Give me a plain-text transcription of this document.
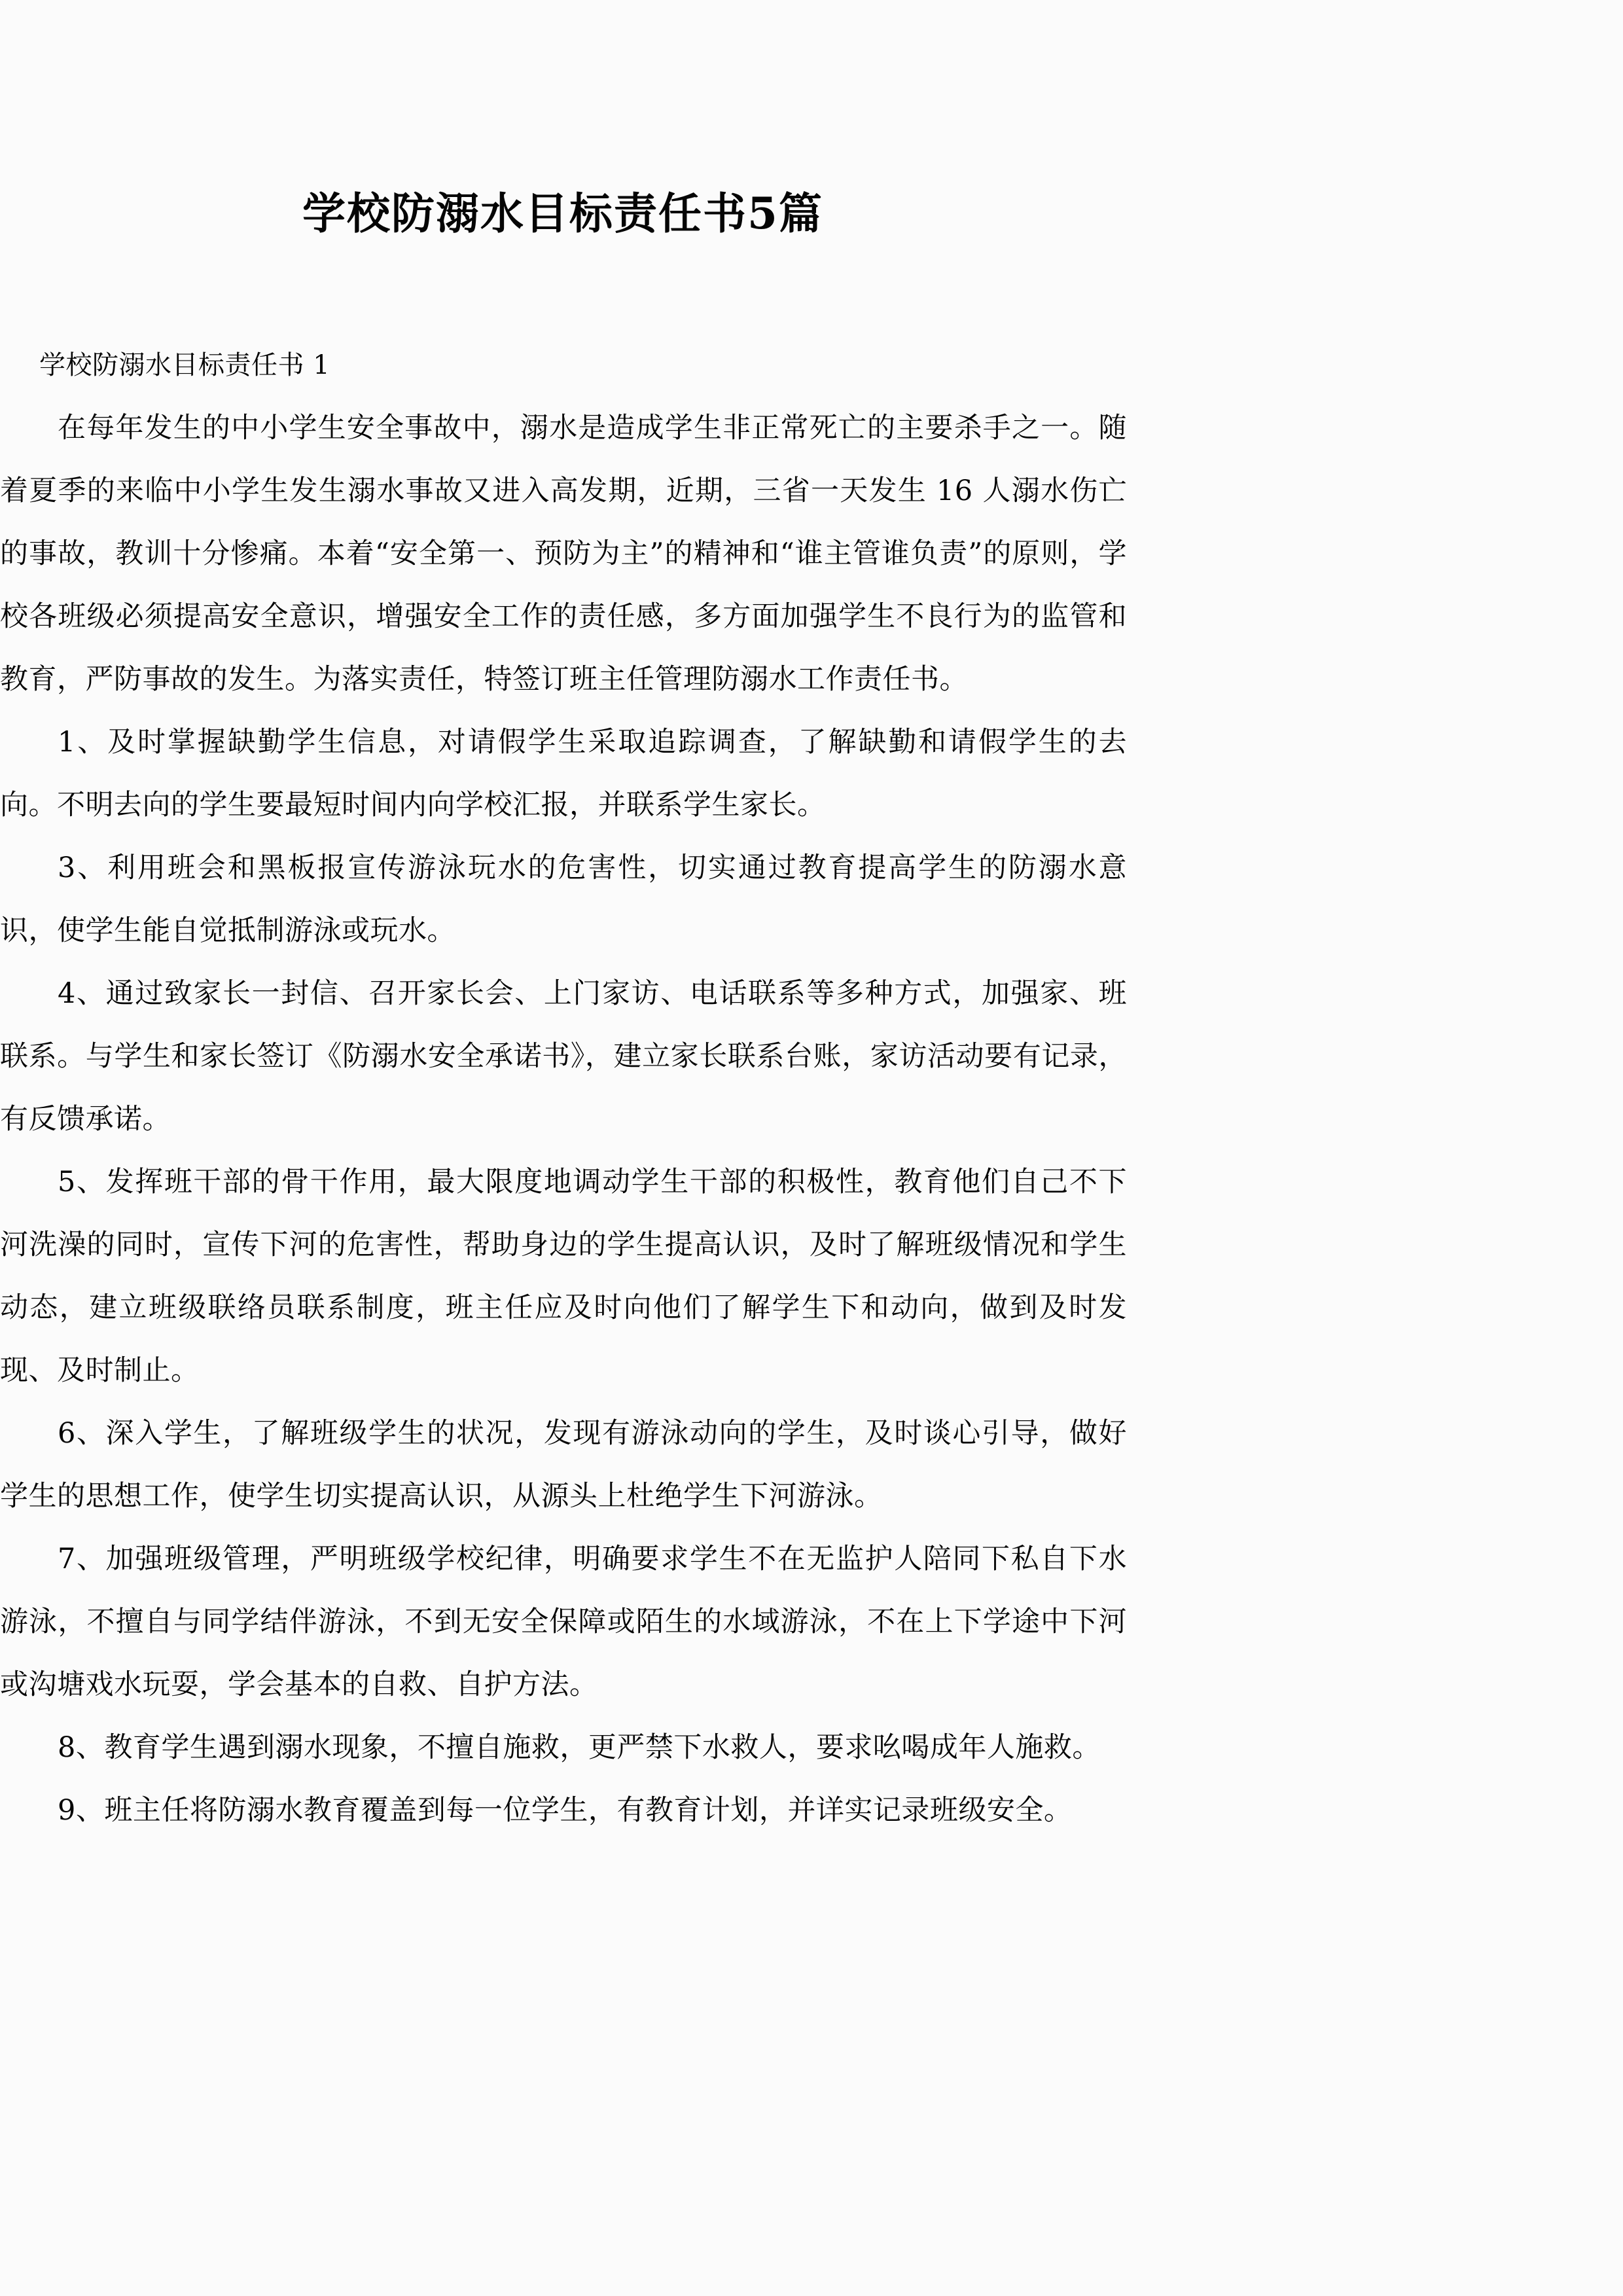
学校防溺水目标责任书5篇

学校防溺水目标责任书 1

在每年发生的中小学生安全事故中，溺水是造成学生非正常死亡的主要杀手之一。随着夏季的来临中小学生发生溺水事故又进入高发期，近期，三省一天发生 16 人溺水伤亡的事故，教训十分惨痛。本着“安全第一、预防为主”的精神和“谁主管谁负责”的原则，学校各班级必须提高安全意识，增强安全工作的责任感，多方面加强学生不良行为的监管和教育，严防事故的发生。为落实责任，特签订班主任管理防溺水工作责任书。

1、及时掌握缺勤学生信息，对请假学生采取追踪调查，了解缺勤和请假学生的去向。不明去向的学生要最短时间内向学校汇报，并联系学生家长。

3、利用班会和黑板报宣传游泳玩水的危害性，切实通过教育提高学生的防溺水意识，使学生能自觉抵制游泳或玩水。

4、通过致家长一封信、召开家长会、上门家访、电话联系等多种方式，加强家、班联系。与学生和家长签订《防溺水安全承诺书》，建立家长联系台账，家访活动要有记录，有反馈承诺。

5、发挥班干部的骨干作用，最大限度地调动学生干部的积极性，教育他们自己不下河洗澡的同时，宣传下河的危害性，帮助身边的学生提高认识，及时了解班级情况和学生动态，建立班级联络员联系制度，班主任应及时向他们了解学生下和动向，做到及时发现、及时制止。

6、深入学生，了解班级学生的状况，发现有游泳动向的学生，及时谈心引导，做好学生的思想工作，使学生切实提高认识，从源头上杜绝学生下河游泳。

7、加强班级管理，严明班级学校纪律，明确要求学生不在无监护人陪同下私自下水游泳，不擅自与同学结伴游泳，不到无安全保障或陌生的水域游泳，不在上下学途中下河或沟塘戏水玩耍，学会基本的自救、自护方法。

8、教育学生遇到溺水现象，不擅自施救，更严禁下水救人，要求吆喝成年人施救。

9、班主任将防溺水教育覆盖到每一位学生，有教育计划，并详实记录班级安全。
